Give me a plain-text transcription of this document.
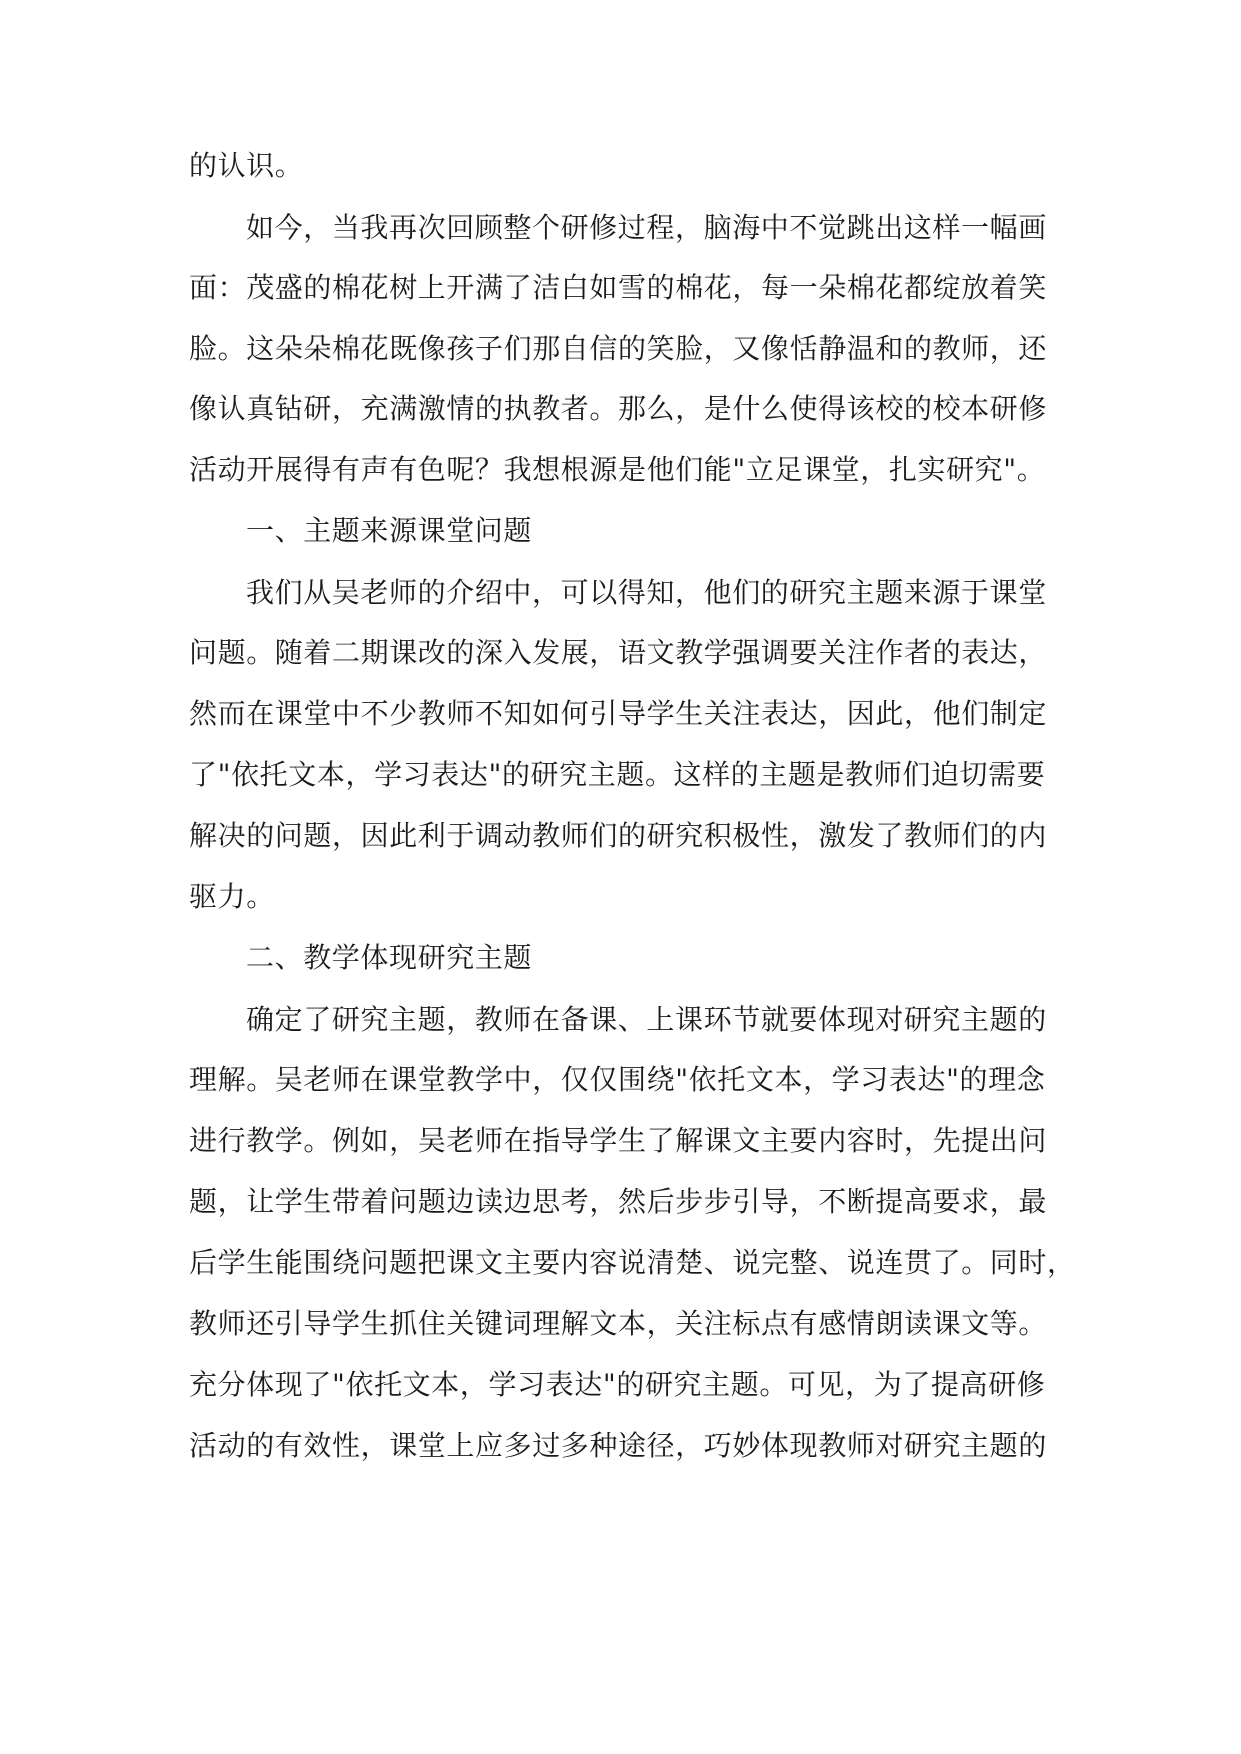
的认识。
如今，当我再次回顾整个研修过程，脑海中不觉跳出这样一幅画
面：茂盛的棉花树上开满了洁白如雪的棉花，每一朵棉花都绽放着笑
脸。这朵朵棉花既像孩子们那自信的笑脸，又像恬静温和的教师，还
像认真钻研，充满激情的执教者。那么，是什么使得该校的校本研修
活动开展得有声有色呢？我想根源是他们能"立足课堂，扎实研究"。
一、主题来源课堂问题
我们从吴老师的介绍中，可以得知，他们的研究主题来源于课堂
问题。随着二期课改的深入发展，语文教学强调要关注作者的表达，
然而在课堂中不少教师不知如何引导学生关注表达，因此，他们制定
了"依托文本，学习表达"的研究主题。这样的主题是教师们迫切需要
解决的问题，因此利于调动教师们的研究积极性，激发了教师们的内
驱力。
二、教学体现研究主题
确定了研究主题，教师在备课、上课环节就要体现对研究主题的
理解。吴老师在课堂教学中，仅仅围绕"依托文本，学习表达"的理念
进行教学。例如，吴老师在指导学生了解课文主要内容时，先提出问
题，让学生带着问题边读边思考，然后步步引导，不断提高要求，最
后学生能围绕问题把课文主要内容说清楚、说完整、说连贯了。同时，
教师还引导学生抓住关键词理解文本，关注标点有感情朗读课文等。
充分体现了"依托文本，学习表达"的研究主题。可见，为了提高研修
活动的有效性，课堂上应多过多种途径，巧妙体现教师对研究主题的
